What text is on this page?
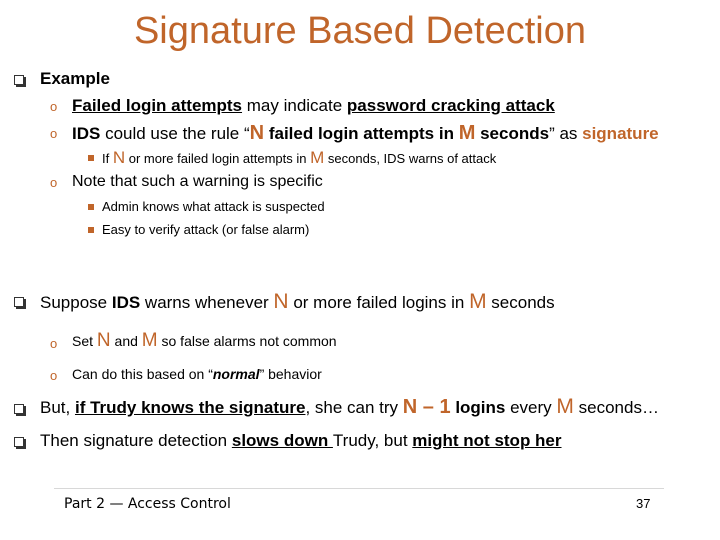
Signature Based Detection
Example
o Failed login attempts may indicate password cracking attack
o IDS could use the rule “N failed login attempts in M seconds” as signature
If N or more failed login attempts in M seconds, IDS warns of attack
o Note that such a warning is specific
Admin knows what attack is suspected
Easy to verify attack (or false alarm)
Suppose IDS warns whenever N or more failed logins in M seconds
o Set N and M so false alarms not common
o Can do this based on “normal” behavior
But, if Trudy knows the signature, she can try N – 1 logins every M seconds…
Then signature detection slows down Trudy, but might not stop her
Part 2 — Access Control	37
